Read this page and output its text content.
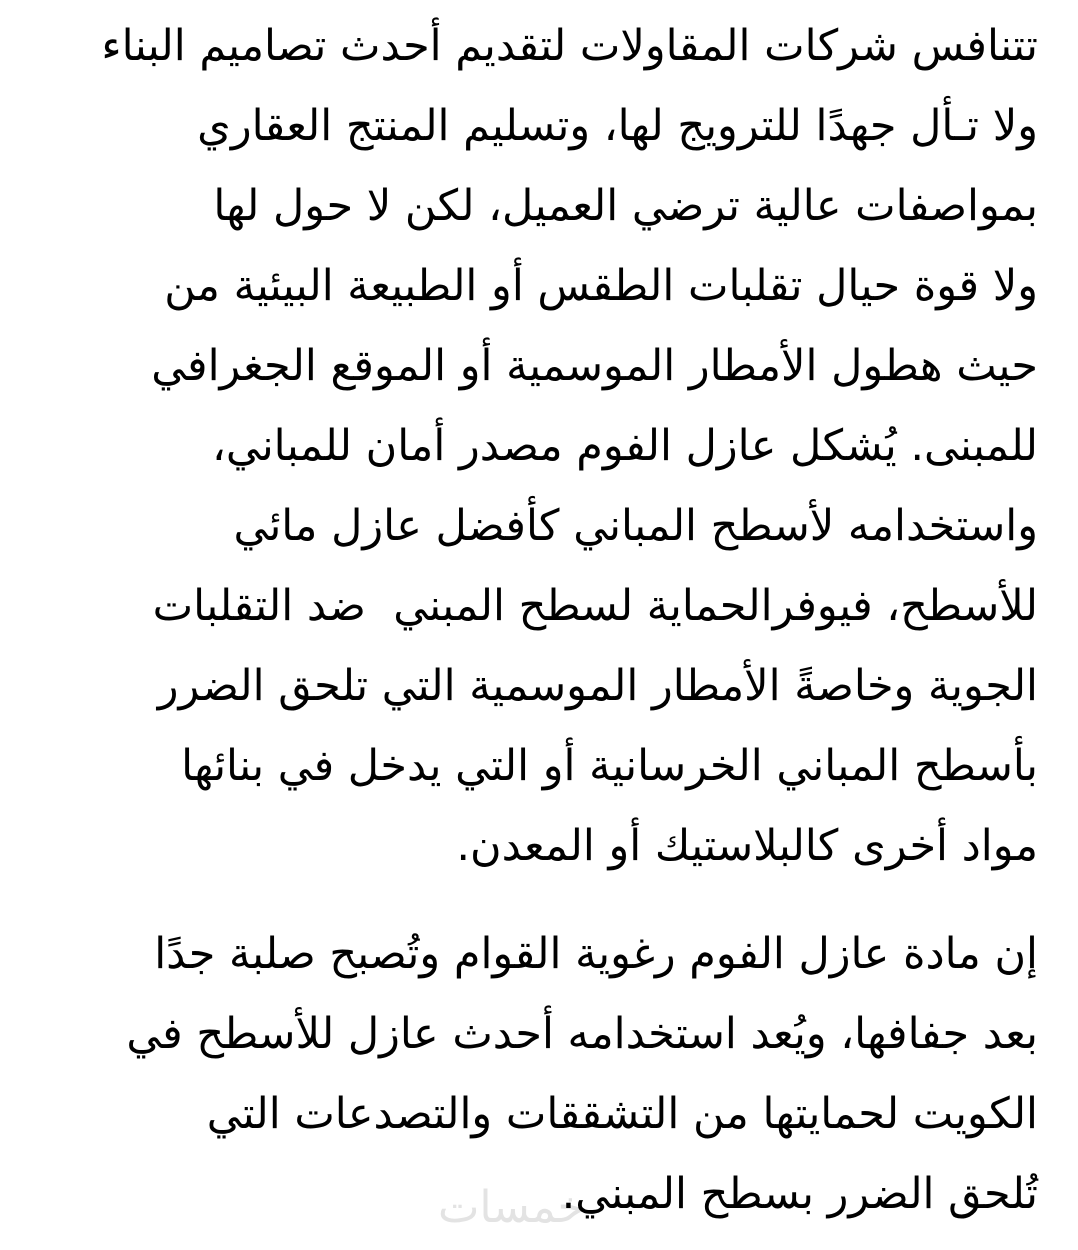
خمسات
تتنافس شركات المقاولات لتقديم أحدث تصاميم البناء
ولا تـأل جهدًا للترويج لها، وتسليم المنتج العقاري
بمواصفات عالية ترضي العميل، لكن لا حول لها
ولا قوة حيال تقلبات الطقس أو الطبيعة البيئية من
حيث هطول الأمطار الموسمية أو الموقع الجغرافي
للمبنى. يُشكل عازل الفوم مصدر أمان للمباني،
واستخدامه لأسطح المباني كأفضل عازل مائي
للأسطح، فيوفرالحماية لسطح المبني  ضد التقلبات
الجوية وخاصةً الأمطار الموسمية التي تلحق الضرر
بأسطح المباني الخرسانية أو التي يدخل في بنائها
مواد أخرى كالبلاستيك أو المعدن.
إن مادة عازل الفوم رغوية القوام وتُصبح صلبة جدًا
بعد جفافها، ويُعد استخدامه أحدث عازل للأسطح في
الكويت لحمايتها من التشققات والتصدعات التي
تُلحق الضرر بسطح المبني.
